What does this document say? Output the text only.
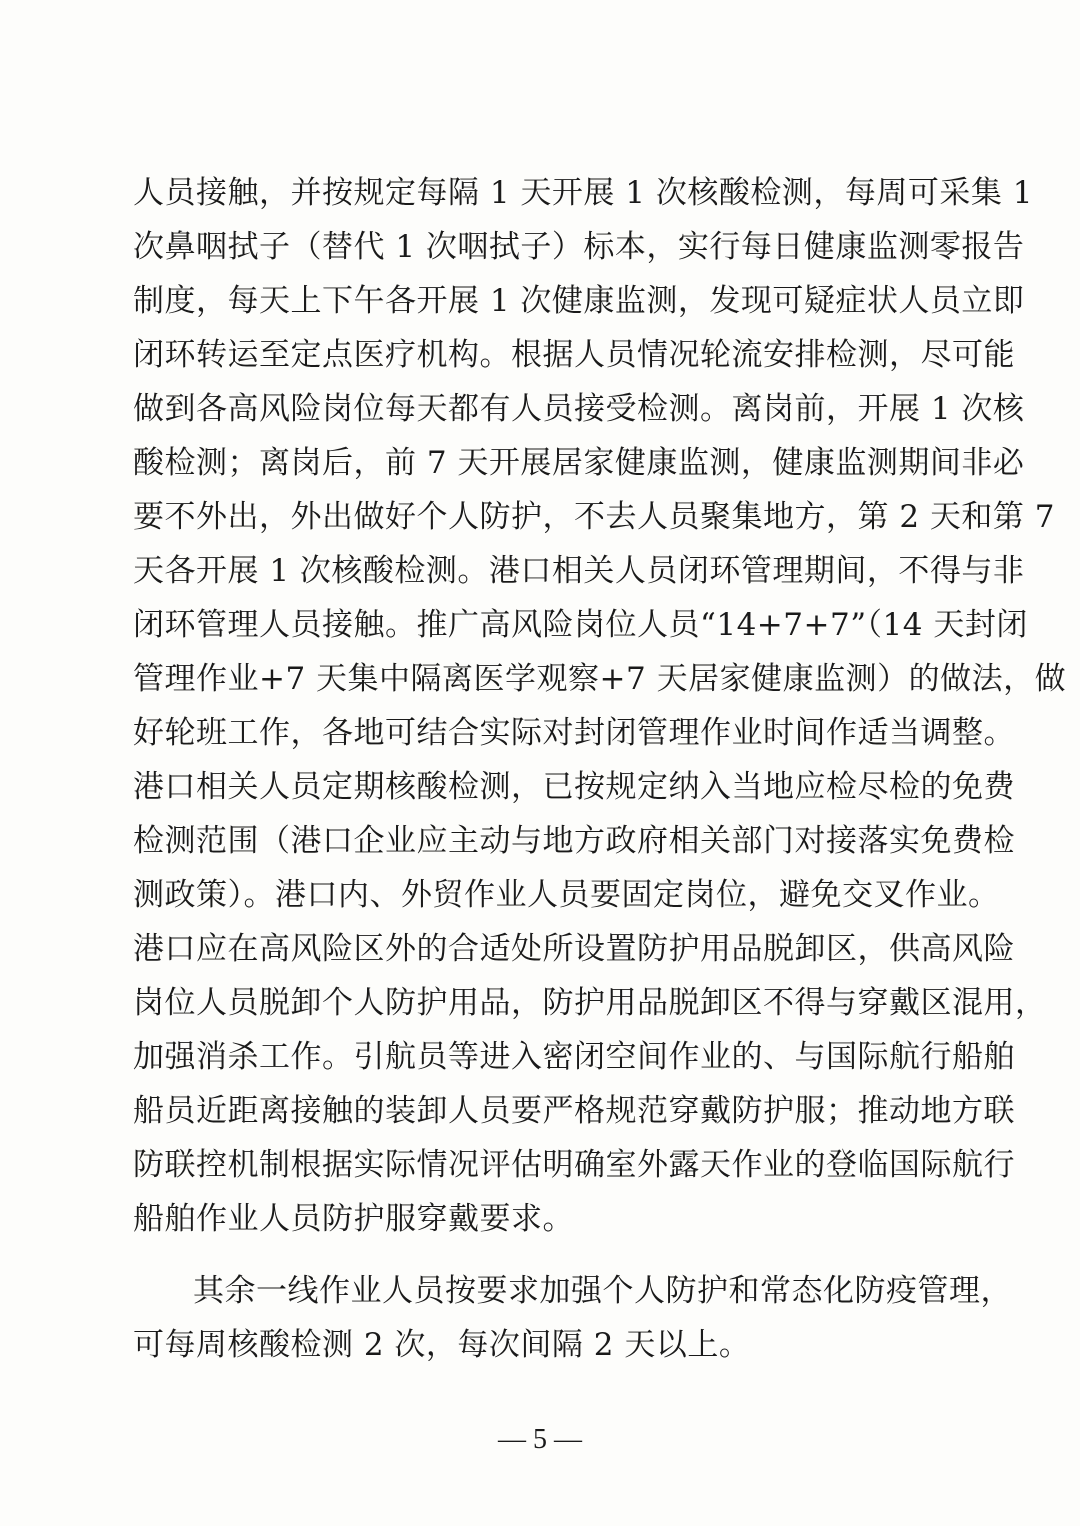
人员接触，并按规定每隔 1 天开展 1 次核酸检测，每周可采集 1
次鼻咽拭子（替代 1 次咽拭子）标本，实行每日健康监测零报告
制度，每天上下午各开展 1 次健康监测，发现可疑症状人员立即
闭环转运至定点医疗机构。根据人员情况轮流安排检测，尽可能
做到各高风险岗位每天都有人员接受检测。离岗前，开展 1 次核
酸检测；离岗后，前 7 天开展居家健康监测，健康监测期间非必
要不外出，外出做好个人防护，不去人员聚集地方，第 2 天和第 7
天各开展 1 次核酸检测。港口相关人员闭环管理期间，不得与非
闭环管理人员接触。推广高风险岗位人员“14+7+7”（14 天封闭
管理作业+7 天集中隔离医学观察+7 天居家健康监测）的做法，做
好轮班工作，各地可结合实际对封闭管理作业时间作适当调整。
港口相关人员定期核酸检测，已按规定纳入当地应检尽检的免费
检测范围（港口企业应主动与地方政府相关部门对接落实免费检
测政策）。港口内、外贸作业人员要固定岗位，避免交叉作业。
港口应在高风险区外的合适处所设置防护用品脱卸区，供高风险
岗位人员脱卸个人防护用品，防护用品脱卸区不得与穿戴区混用，
加强消杀工作。引航员等进入密闭空间作业的、与国际航行船舶
船员近距离接触的装卸人员要严格规范穿戴防护服；推动地方联
防联控机制根据实际情况评估明确室外露天作业的登临国际航行
船舶作业人员防护服穿戴要求。
其余一线作业人员按要求加强个人防护和常态化防疫管理，
可每周核酸检测 2 次，每次间隔 2 天以上。
— 5 —
